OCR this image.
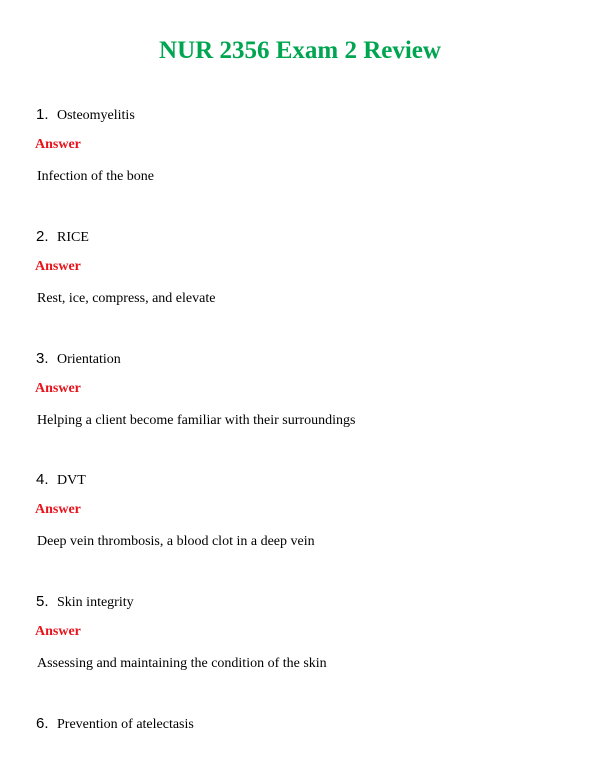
NUR 2356 Exam 2 Review
1. Osteomyelitis
Answer
Infection of the bone
2. RICE
Answer
Rest, ice, compress, and elevate
3. Orientation
Answer
Helping a client become familiar with their surroundings
4. DVT
Answer
Deep vein thrombosis, a blood clot in a deep vein
5. Skin integrity
Answer
Assessing and maintaining the condition of the skin
6. Prevention of atelectasis
